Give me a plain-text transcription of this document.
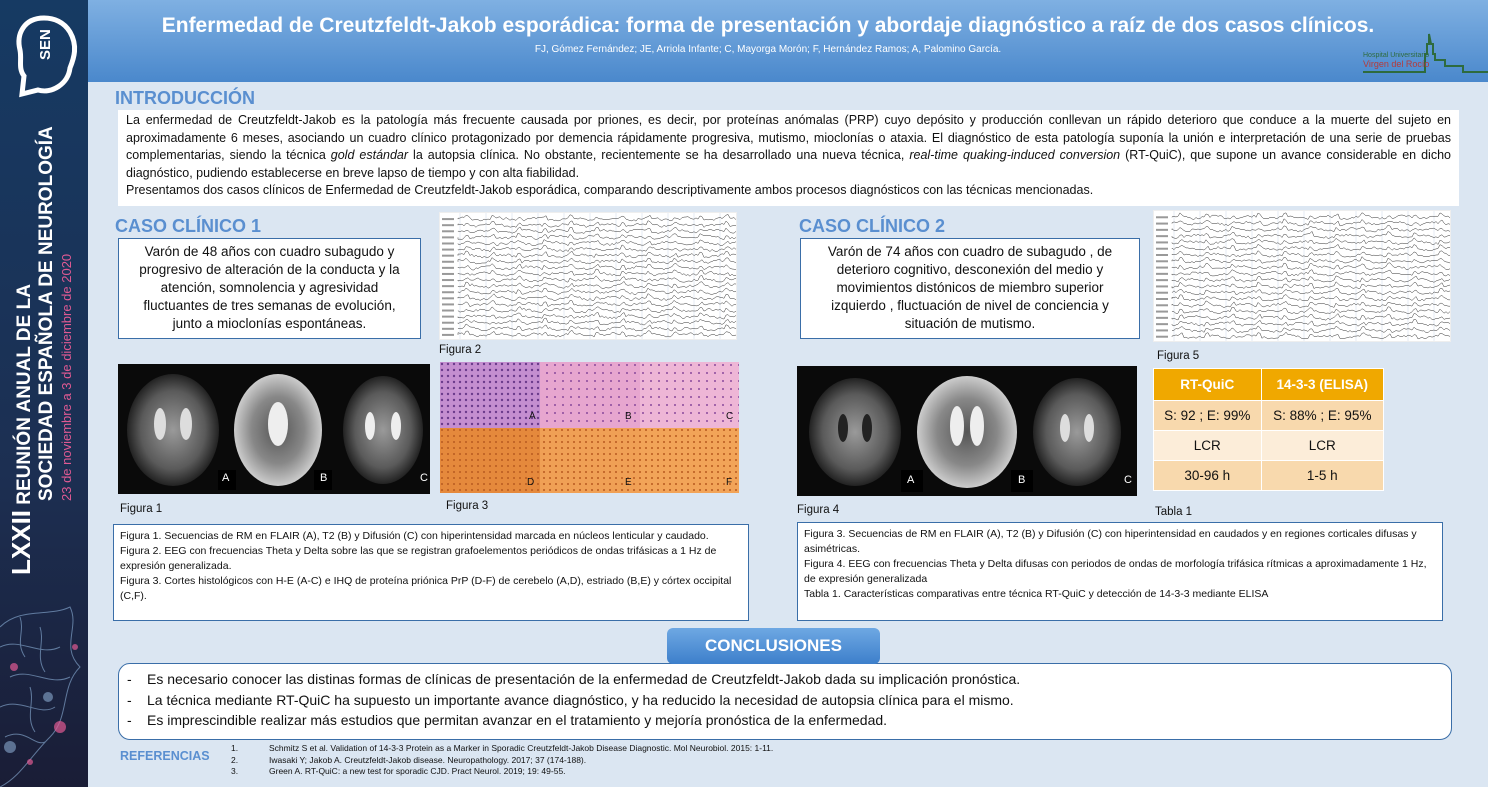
SEN
LXXII REUNIÓN ANUAL DE LA SOCIEDAD ESPAÑOLA DE NEUROLOGÍA 23 de noviembre a 3 de diciembre de 2020
Enfermedad de Creutzfeldt-Jakob esporádica: forma de presentación y abordaje diagnóstico a raíz de dos casos clínicos.
FJ, Gómez Fernández; JE, Arriola Infante; C, Mayorga Morón; F, Hernández Ramos; A, Palomino García.
Hospital Universitario
Virgen del Rocío
INTRODUCCIÓN

La enfermedad de Creutzfeldt-Jakob es la patología más frecuente causada por priones, es decir, por proteínas anómalas (PRP) cuyo depósito y producción conllevan un rápido deterioro que conduce a la muerte del sujeto en aproximadamente 6 meses, asociando un cuadro clínico protagonizado por demencia rápidamente progresiva, mutismo, mioclonías o ataxia. El diagnóstico de esta patología suponía la unión e interpretación de una serie de pruebas complementarias, siendo la técnica gold estándar la autopsia clínica. No obstante, recientemente se ha desarrollado una nueva técnica, real-time quaking-induced conversion (RT-QuiC), que supone un avance considerable en dicho diagnóstico, pudiendo establecerse en breve lapso de tiempo y con alta fiabilidad.

Presentamos dos casos clínicos de Enfermedad de Creutzfeldt-Jakob esporádica, comparando descriptivamente ambos procesos diagnósticos con las técnicas mencionadas.

CASO CLÍNICO 1
Varón de 48 años con cuadro subagudo y progresivo de alteración de la conducta y la atención, somnolencia y agresividad fluctuantes de tres semanas de evolución, junto a mioclonías espontáneas.
Figura 2
A	B	C
Figura 1
A	B	C
D	E	F
Figura 3
Figura 1. Secuencias de RM en FLAIR (A), T2 (B) y Difusión (C) con hiperintensidad marcada en núcleos lenticular y caudado.
Figura 2. EEG con frecuencias Theta y Delta sobre las que se registran grafoelementos periódicos de ondas trifásicas a 1 Hz de expresión generalizada.
Figura 3. Cortes histológicos con H-E (A-C) e IHQ de proteína priónica PrP (D-F) de cerebelo (A,D), estriado (B,E) y córtex occipital (C,F).
CASO CLÍNICO 2
Varón de 74 años con cuadro de subagudo , de deterioro cognitivo, desconexión del medio y movimientos distónicos de miembro superior izquierdo , fluctuación de nivel de conciencia y situación de mutismo.
Figura 5
A	B	C
Figura 4
RT-QuiC	14-3-3 (ELISA)
S: 92 ; E: 99%	S: 88% ; E: 95%
LCR	LCR
30-96 h	1-5 h
Tabla 1
Figura 3. Secuencias de RM en FLAIR (A), T2 (B) y Difusión (C) con hiperintensidad en caudados y en regiones corticales difusas y asimétricas.
Figura 4. EEG con frecuencias Theta y Delta difusas con periodos de ondas de morfología trifásica rítmicas a aproximadamente 1 Hz, de expresión generalizada
Tabla 1. Características comparativas entre técnica RT-QuiC y detección de 14-3-3 mediante ELISA
-	Es necesario conocer las distinas formas de clínicas de presentación de la enfermedad de Creutzfeldt-Jakob dada su implicación pronóstica.
-	La técnica mediante RT-QuiC ha supuesto un importante avance diagnóstico, y ha reducido la necesidad de autopsia clínica para el mismo.
-	Es imprescindible realizar más estudios que permitan avanzar en el tratamiento y mejoría pronóstica de la enfermedad.
CONCLUSIONES
REFERENCIAS
1.	Schmitz S et al. Validation of 14-3-3 Protein as a Marker in Sporadic Creutzfeldt-Jakob Disease Diagnostic. Mol Neurobiol. 2015: 1-11.
2.	Iwasaki Y; Jakob A. Creutzfeldt-Jakob disease. Neuropathology. 2017; 37 (174-188).
3.	Green A. RT-QuiC: a new test for sporadic CJD. Pract Neurol. 2019; 19: 49-55.
